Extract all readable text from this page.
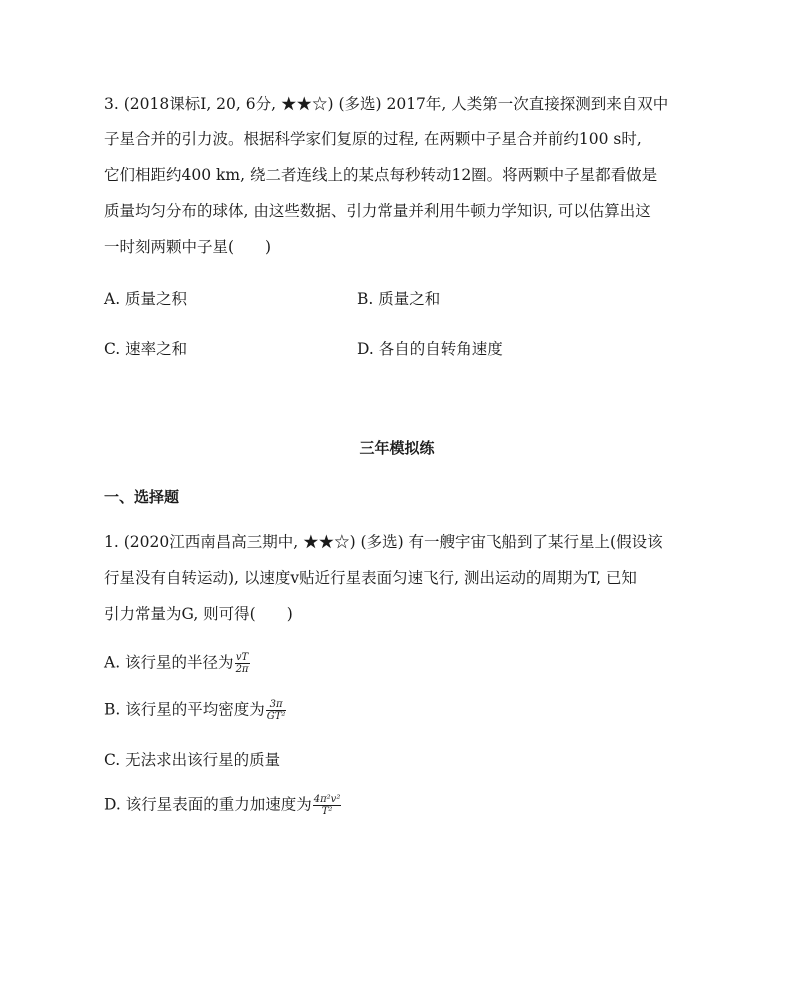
3. (2018课标Ⅰ, 20, 6分, ★★☆) (多选) 2017年, 人类第一次直接探测到来自双中
子星合并的引力波。根据科学家们复原的过程, 在两颗中子星合并前约100 s时,
它们相距约400 km, 绕二者连线上的某点每秒转动12圈。将两颗中子星都看做是
质量均匀分布的球体, 由这些数据、引力常量并利用牛顿力学知识, 可以估算出这
一时刻两颗中子星(　　)
A. 质量之积	B. 质量之和
C. 速率之和	D. 各自的自转角速度
三年模拟练
一、选择题
1. (2020江西南昌高三期中, ★★☆) (多选) 有一艘宇宙飞船到了某行星上(假设该
行星没有自转运动), 以速度v贴近行星表面匀速飞行, 测出运动的周期为T, 已知
引力常量为G, 则可得(　　)
A. 该行星的半径为 $\frac{vT}{2\pi}$
B. 该行星的平均密度为 $\frac{3\pi}{\text{GT²}}$
C. 无法求出该行星的质量
D. 该行星表面的重力加速度为 $\frac{\text{4π²v²}}{\text{T²}}$
